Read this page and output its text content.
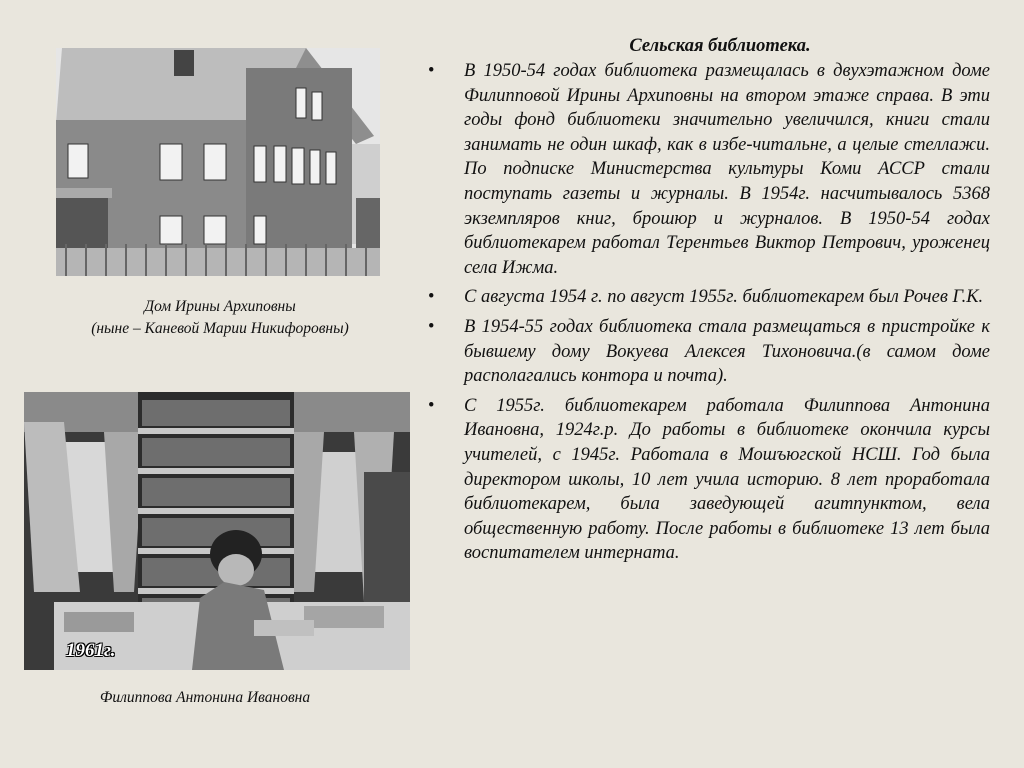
Дом Ирины Архиповны
(ныне – Каневой Марии Никифоровны)
1961г.
Филиппова Антонина Ивановна
Сельская библиотека.
• В 1950-54 годах библиотека размещалась в двухэтажном доме Филипповой Ирины Архиповны на втором этаже справа. В эти годы фонд библиотеки значительно увеличился, книги стали занимать не один шкаф, как в избе-читальне, а целые стеллажи. По подписке Министерства культуры Коми АССР стали поступать газеты и журналы. В 1954г. насчитывалось 5368 экземпляров книг, брошюр и журналов. В 1950-54 годах библиотекарем работал Терентьев Виктор Петрович, уроженец села Ижма.
• С августа 1954 г. по август 1955г. библиотекарем был Рочев Г.К.
• В 1954-55 годах библиотека стала размещаться в пристройке к бывшему дому Вокуева Алексея Тихоновича.(в самом доме располагались контора и почта).
• С 1955г. библиотекарем работала Филиппова Антонина Ивановна, 1924г.р. До работы в библиотеке окончила курсы учителей, с 1945г. Работала в Мошъюгской НСШ. Год была директором школы, 10 лет учила историю. 8 лет проработала библиотекарем, была заведующей агитпунктом, вела общественную работу. После работы в библиотеке 13 лет была воспитателем интерната.
